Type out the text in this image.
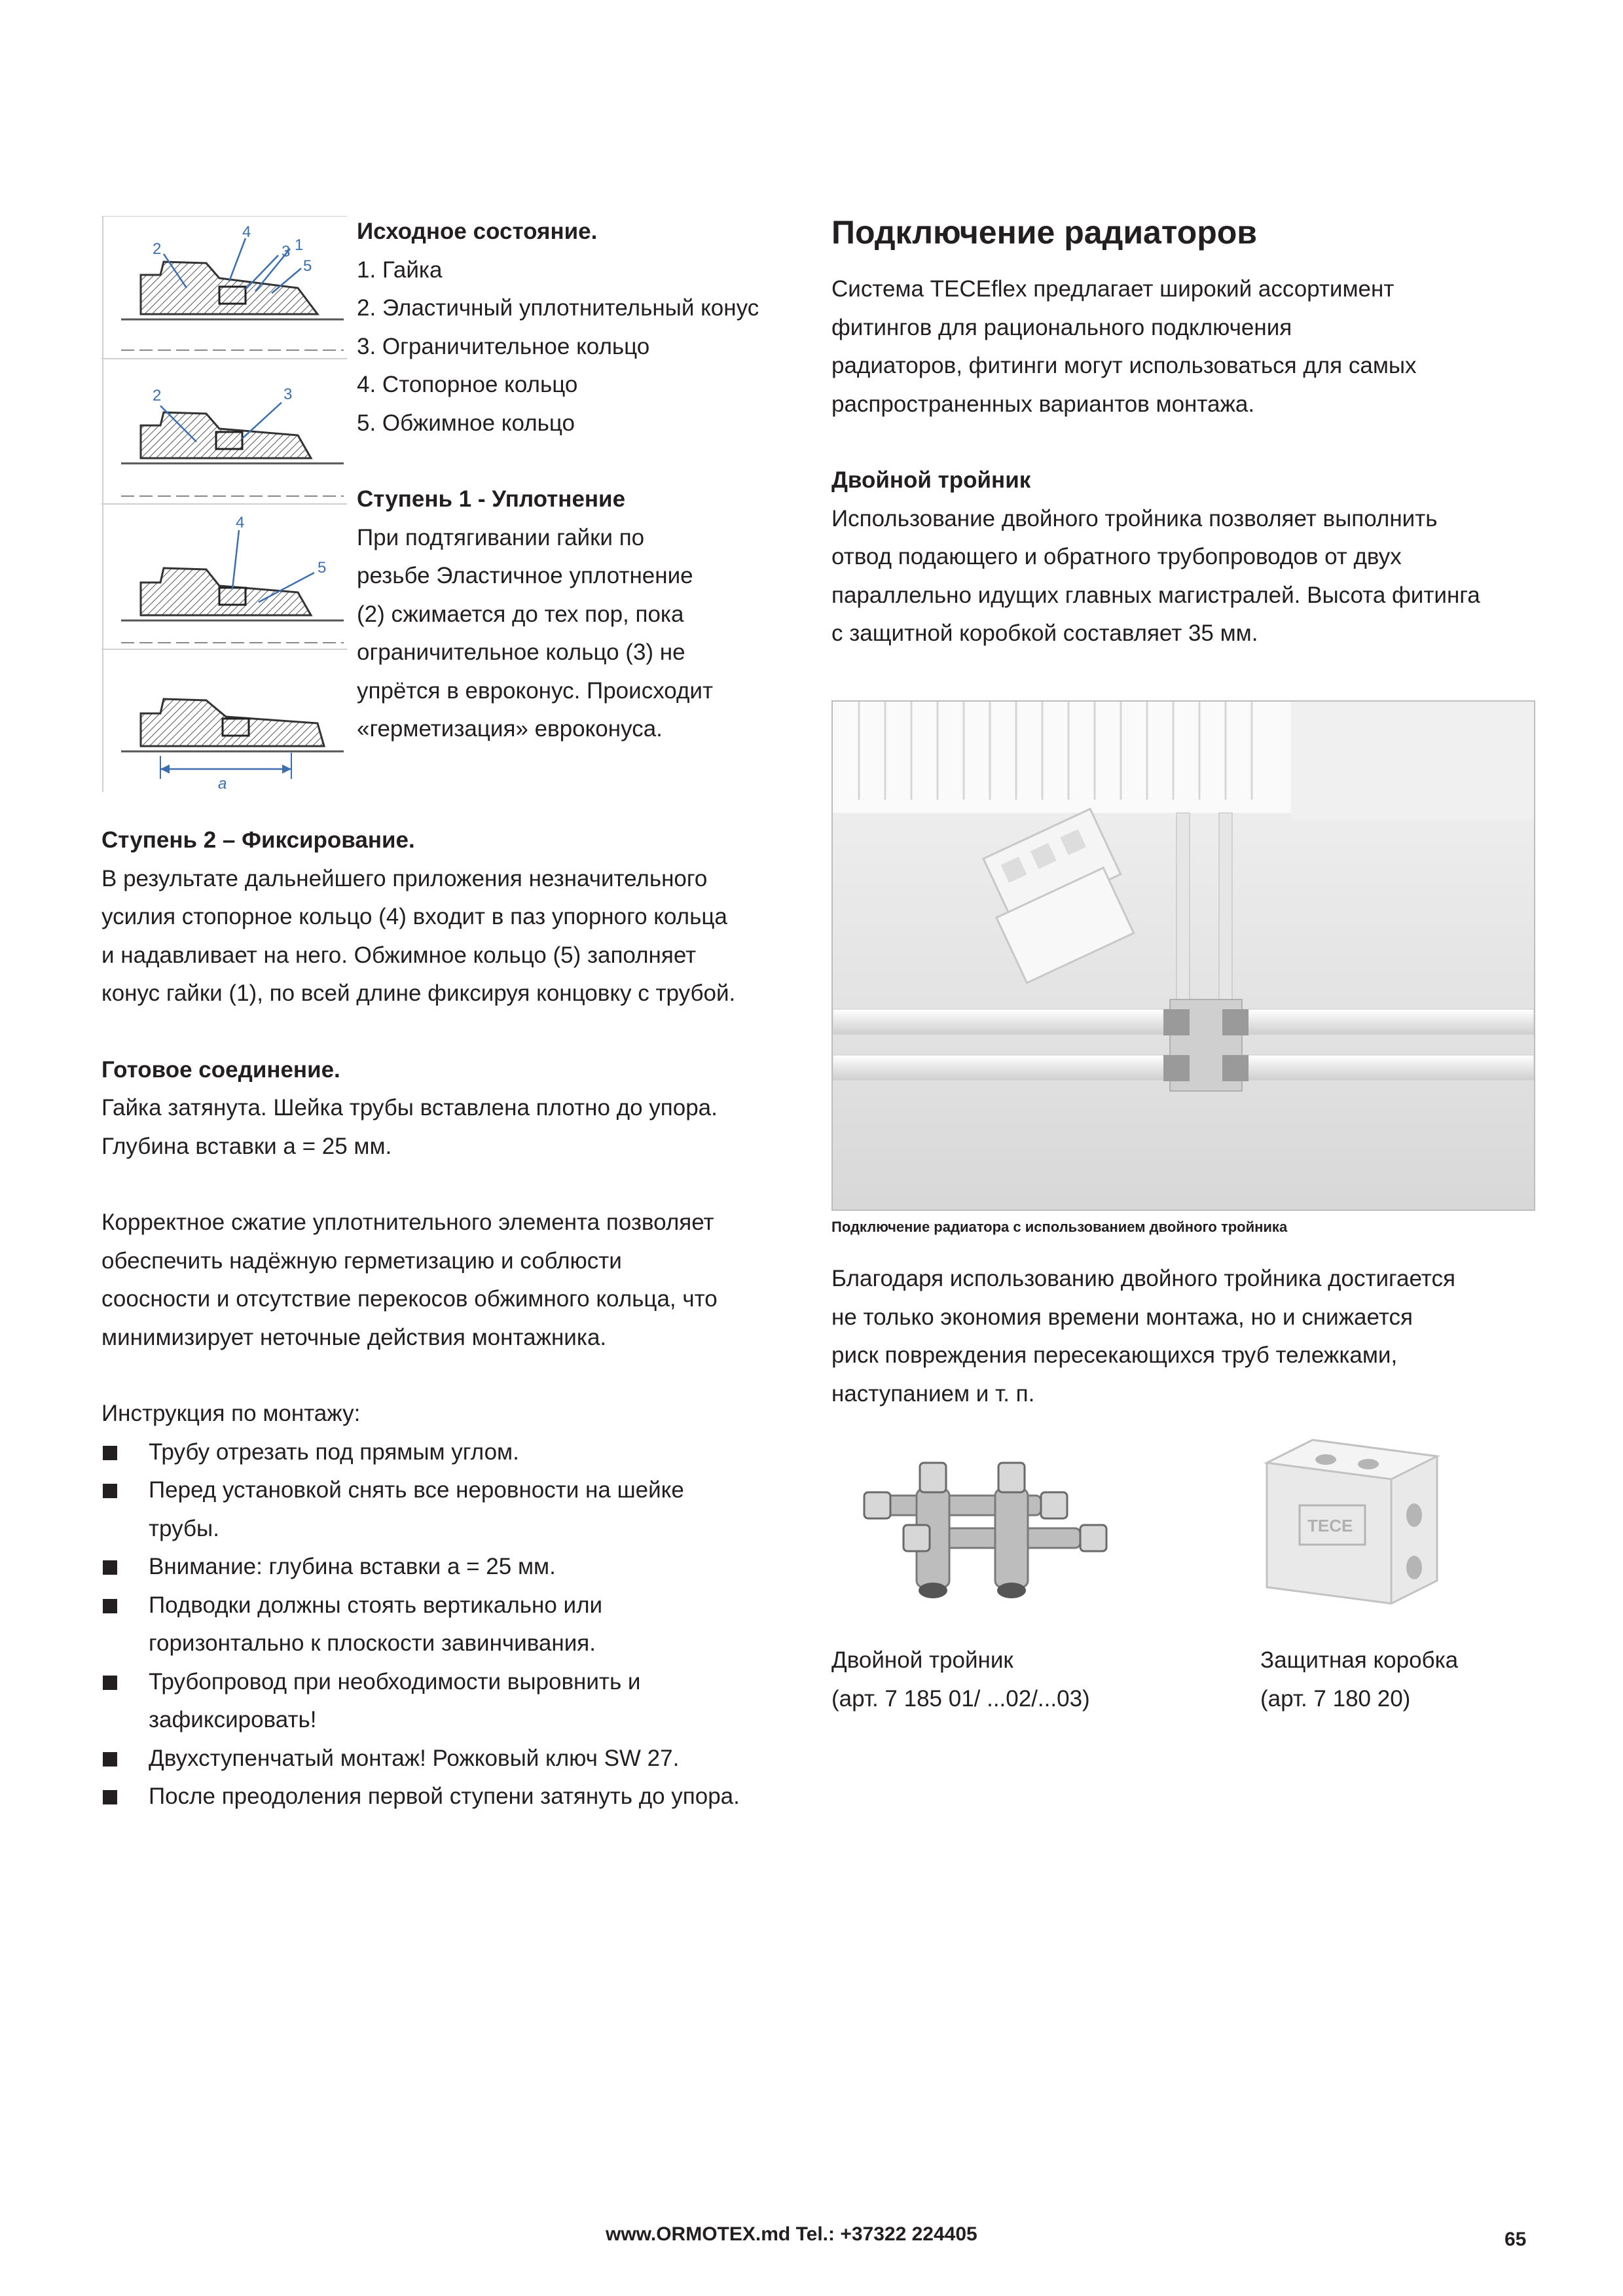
2
4
3 1
5
2	3
4
5
a
Исходное состояние.
1. Гайка
2. Эластичный уплотнительный конус
3. Ограничительное кольцо
4. Стопорное кольцо
5. Обжимное кольцо
Ступень 1 - Уплотнение
При подтягивании гайки по
резьбе Эластичное уплотнение
(2) сжимается до тех пор, пока
ограничительное кольцо (3) не
упрётся в евроконус. Происходит
«герметизация» евроконуса.
Ступень 2 – Фиксирование.
В результате дальнейшего приложения незначительного
усилия стопорное кольцо (4) входит в паз упорного кольца
и надавливает на него. Обжимное кольцо (5) заполняет
конус гайки (1), по всей длине фиксируя концовку с трубой.
Готовое соединение.
Гайка затянута. Шейка трубы вставлена плотно до упора.
Глубина вставки а = 25 мм.
Корректное сжатие уплотнительного элемента позволяет
обеспечить надёжную герметизацию и соблюсти
соосности и отсутствие перекосов обжимного кольца, что
минимизирует неточные действия монтажника.
Инструкция по монтажу:
Трубу отрезать под прямым углом.
Перед установкой снять все неровности на шейке
трубы.
Внимание: глубина вставки а = 25 мм.
Подводки должны стоять вертикально или
горизонтально к плоскости завинчивания.
Трубопровод при необходимости выровнить и
зафиксировать!
Двухступенчатый монтаж! Рожковый ключ SW 27.
После преодоления первой ступени затянуть до упора.
Подключение радиаторов
Система TECEflex предлагает широкий ассортимент
фитингов для рационального подключения
радиаторов, фитинги могут использоваться для самых
распространенных вариантов монтажа.
Двойной тройник
Использование двойного тройника позволяет выполнить
отвод подающего и обратного трубопроводов от двух
параллельно идущих главных магистралей. Высота фитинга
с защитной коробкой составляет 35 мм.
Подключение радиатора с использованием двойного тройника
Благодаря использованию двойного тройника достигается
не только экономия времени монтажа, но и снижается
риск повреждения пересекающихся труб тележками,
наступанием и т. п.
TECE
Двойной тройник
(арт. 7 185 01/ ...02/...03)
Защитная коробка
(арт. 7 180 20)
www.ORMOTEX.md Tel.: +37322 224405	65
